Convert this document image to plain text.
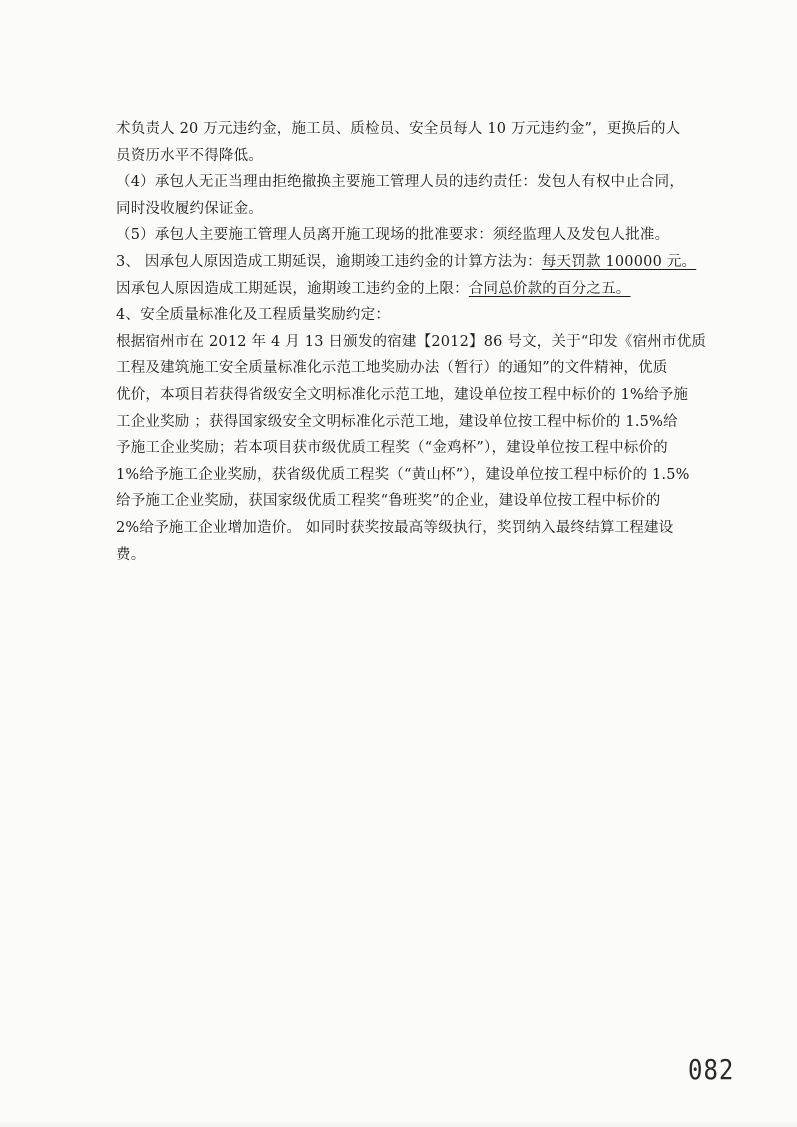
术负责人 20 万元违约金，施工员、质检员、安全员每人 10 万元违约金”，更换后的人
员资历水平不得降低。
（4）承包人无正当理由拒绝撤换主要施工管理人员的违约责任：发包人有权中止合同，
同时没收履约保证金。
（5）承包人主要施工管理人员离开施工现场的批准要求：须经监理人及发包人批准。
3、 因承包人原因造成工期延误，逾期竣工违约金的计算方法为：每天罚款 100000 元。
因承包人原因造成工期延误，逾期竣工违约金的上限：合同总价款的百分之五。
4、安全质量标准化及工程质量奖励约定：
根据宿州市在 2012 年 4 月 13 日颁发的宿建【2012】86 号文，关于“印发《宿州市优质
工程及建筑施工安全质量标准化示范工地奖励办法（暂行）的通知”的文件精神，优质
优价，本项目若获得省级安全文明标准化示范工地，建设单位按工程中标价的 1%给予施
工企业奖励 ；获得国家级安全文明标准化示范工地，建设单位按工程中标价的 1.5%给
予施工企业奖励；若本项目获市级优质工程奖（“金鸡杯”），建设单位按工程中标价的
1%给予施工企业奖励，获省级优质工程奖（“黄山杯”），建设单位按工程中标价的 1.5%
给予施工企业奖励，获国家级优质工程奖“鲁班奖”的企业，建设单位按工程中标价的
2%给予施工企业增加造价。 如同时获奖按最高等级执行，奖罚纳入最终结算工程建设
费。
082
